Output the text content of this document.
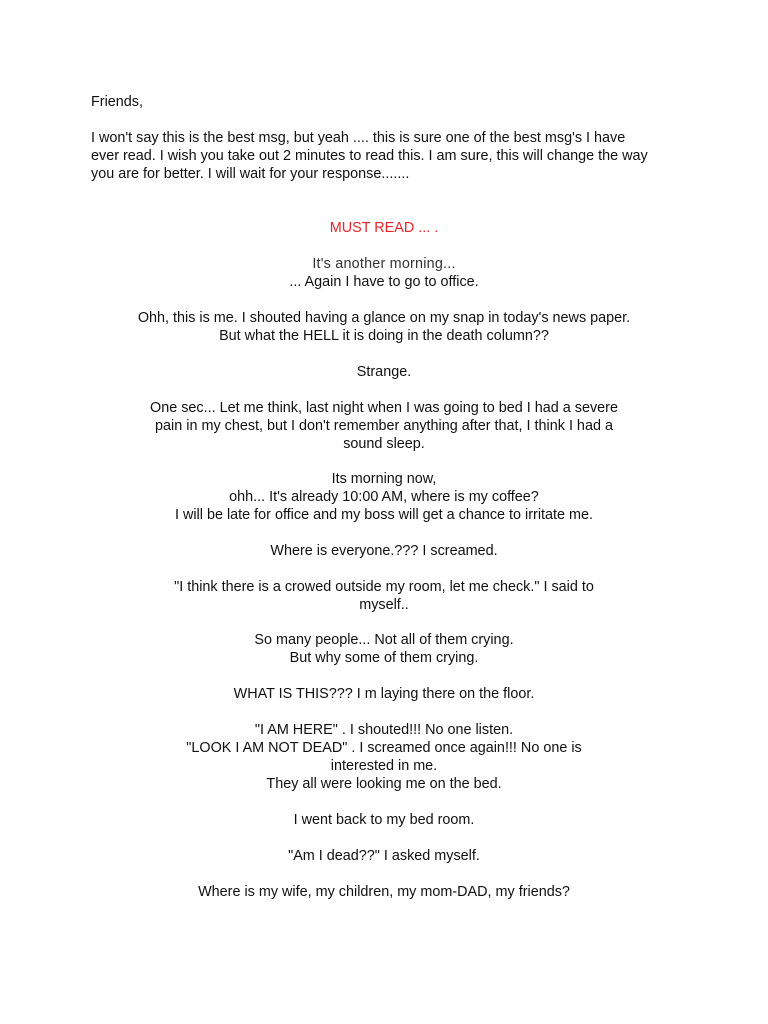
Friends,

I won't say this is the best msg, but yeah .... this is sure one of the best msg's I have
ever read. I wish you take out 2 minutes to read this. I am sure, this will change the way
you are for better. I will wait for your response.......

MUST READ ... .

It's another morning...

... Again I have to go to office.

Ohh, this is me. I shouted having a glance on my snap in today's news paper.
But what the HELL it is doing in the death column??

Strange.

One sec... Let me think, last night when I was going to bed I had a severe
pain in my chest, but I don't remember anything after that, I think I had a
sound sleep.

Its morning now,
ohh... It's already 10:00 AM, where is my coffee?
I will be late for office and my boss will get a chance to irritate me.

Where is everyone.??? I screamed.

"I think there is a crowed outside my room, let me check." I said to
myself..

So many people... Not all of them crying.
But why some of them crying.

WHAT IS THIS??? I m laying there on the floor.

"I AM HERE" . I shouted!!! No one listen.
"LOOK I AM NOT DEAD" . I screamed once again!!! No one is
interested in me.
They all were looking me on the bed.

I went back to my bed room.

"Am I dead??" I asked myself.

Where is my wife, my children, my mom-DAD, my friends?
